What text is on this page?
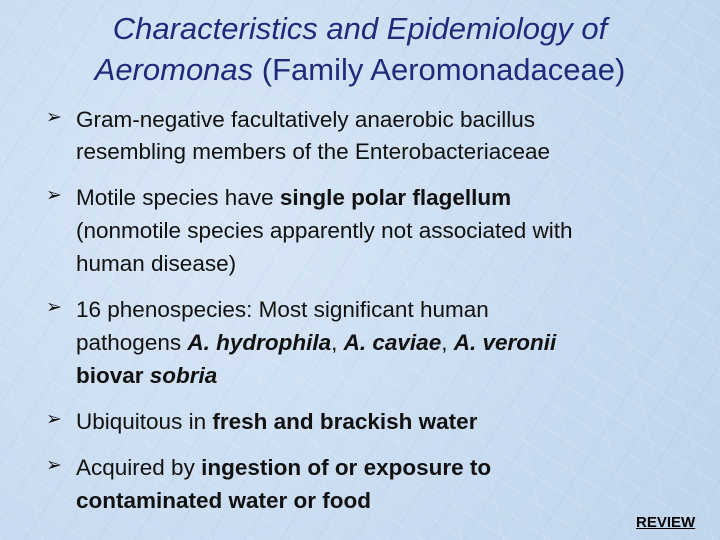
Characteristics and Epidemiology of
Aeromonas (Family Aeromonadaceae)
➢ Gram-negative facultatively anaerobic bacillus
resembling members of the Enterobacteriaceae
➢ Motile species have single polar flagellum
(nonmotile species apparently not associated with
human disease)
➢ 16 phenospecies: Most significant human
pathogens A. hydrophila, A. caviae, A. veronii
biovar sobria
➢ Ubiquitous in fresh and brackish water
➢ Acquired by ingestion of or exposure to
contaminated water or food
REVIEW
